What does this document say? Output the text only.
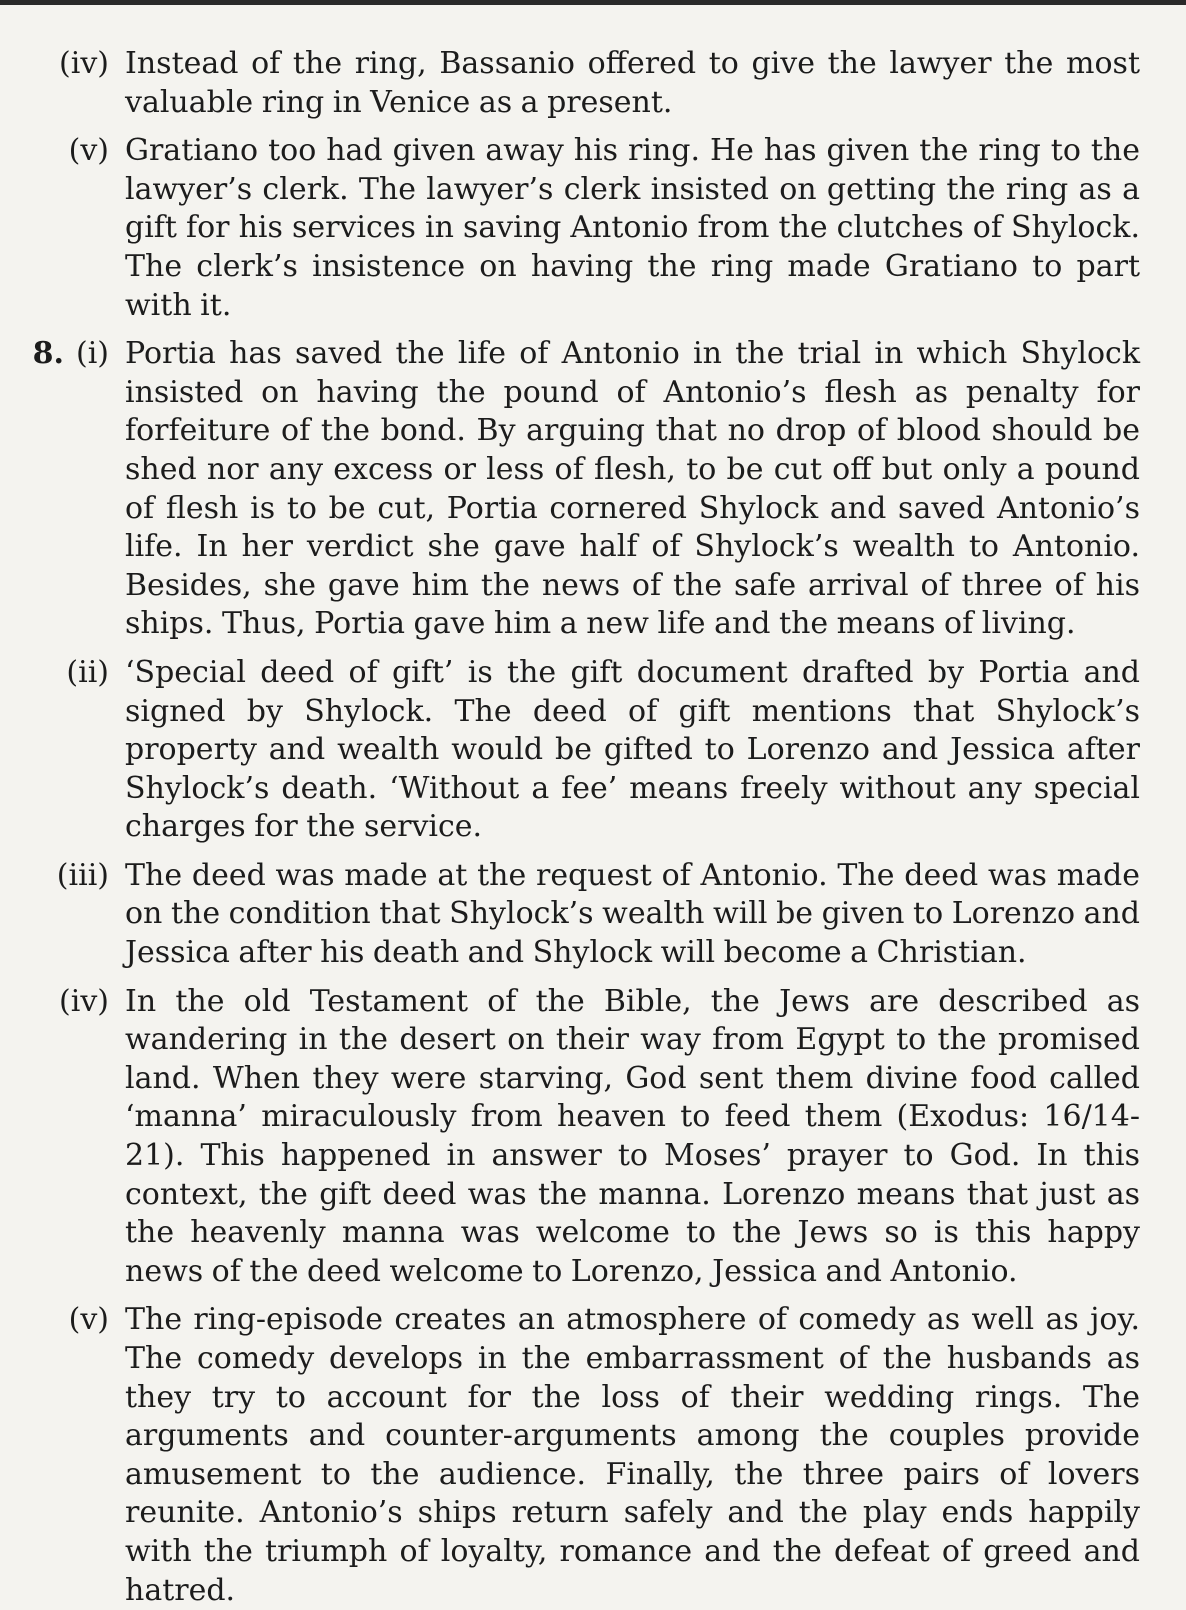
(iv) Instead of the ring, Bassanio offered to give the lawyer the most valuable ring in Venice as a present.
(v) Gratiano too had given away his ring. He has given the ring to the lawyer’s clerk. The lawyer’s clerk insisted on getting the ring as a gift for his services in saving Antonio from the clutches of Shylock. The clerk’s insistence on having the ring made Gratiano to part with it.
8. (i) Portia has saved the life of Antonio in the trial in which Shylock insisted on having the pound of Antonio’s flesh as penalty for forfeiture of the bond. By arguing that no drop of blood should be shed nor any excess or less of flesh, to be cut off but only a pound of flesh is to be cut, Portia cornered Shylock and saved Antonio’s life. In her verdict she gave half of Shylock’s wealth to Antonio. Besides, she gave him the news of the safe arrival of three of his ships. Thus, Portia gave him a new life and the means of living.
(ii) ‘Special deed of gift’ is the gift document drafted by Portia and signed by Shylock. The deed of gift mentions that Shylock’s property and wealth would be gifted to Lorenzo and Jessica after Shylock’s death. ‘Without a fee’ means freely without any special charges for the service.
(iii) The deed was made at the request of Antonio. The deed was made on the condition that Shylock’s wealth will be given to Lorenzo and Jessica after his death and Shylock will become a Christian.
(iv) In the old Testament of the Bible, the Jews are described as wandering in the desert on their way from Egypt to the promised land. When they were starving, God sent them divine food called ‘manna’ miraculously from heaven to feed them (Exodus: 16/14-21). This happened in answer to Moses’ prayer to God. In this context, the gift deed was the manna. Lorenzo means that just as the heavenly manna was welcome to the Jews so is this happy news of the deed welcome to Lorenzo, Jessica and Antonio.
(v) The ring-episode creates an atmosphere of comedy as well as joy. The comedy develops in the embarrassment of the husbands as they try to account for the loss of their wedding rings. The arguments and counter-arguments among the couples provide amusement to the audience. Finally, the three pairs of lovers reunite. Antonio’s ships return safely and the play ends happily with the triumph of loyalty, romance and the defeat of greed and hatred.
